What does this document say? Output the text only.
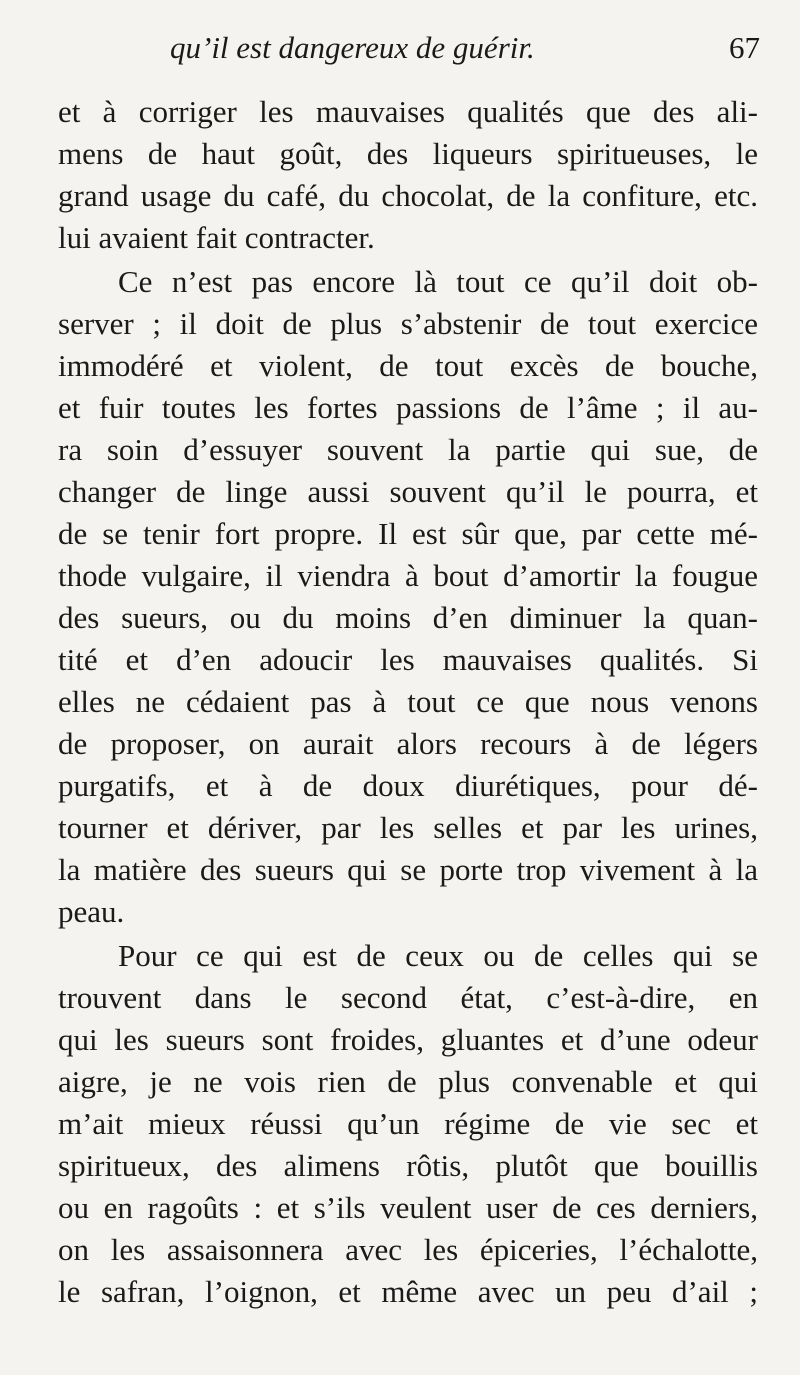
qu’il est dangereux de guérir.	67
et à corriger les mauvaises qualités que des ali-
mens de haut goût, des liqueurs spiritueuses, le
grand usage du café, du chocolat, de la confiture, etc.
lui avaient fait contracter.
Ce n’est pas encore là tout ce qu’il doit ob-
server ; il doit de plus s’abstenir de tout exercice
immodéré et violent, de tout excès de bouche,
et fuir toutes les fortes passions de l’âme ; il au-
ra soin d’essuyer souvent la partie qui sue, de
changer de linge aussi souvent qu’il le pourra, et
de se tenir fort propre. Il est sûr que, par cette mé-
thode vulgaire, il viendra à bout d’amortir la fougue
des sueurs, ou du moins d’en diminuer la quan-
tité et d’en adoucir les mauvaises qualités. Si
elles ne cédaient pas à tout ce que nous venons
de proposer, on aurait alors recours à de légers
purgatifs, et à de doux diurétiques, pour dé-
tourner et dériver, par les selles et par les urines,
la matière des sueurs qui se porte trop vivement à la
peau.
Pour ce qui est de ceux ou de celles qui se
trouvent dans le second état, c’est-à-dire, en
qui les sueurs sont froides, gluantes et d’une odeur
aigre, je ne vois rien de plus convenable et qui
m’ait mieux réussi qu’un régime de vie sec et
spiritueux, des alimens rôtis, plutôt que bouillis
ou en ragoûts : et s’ils veulent user de ces derniers,
on les assaisonnera avec les épiceries, l’échalotte,
le safran, l’oignon, et même avec un peu d’ail ;
